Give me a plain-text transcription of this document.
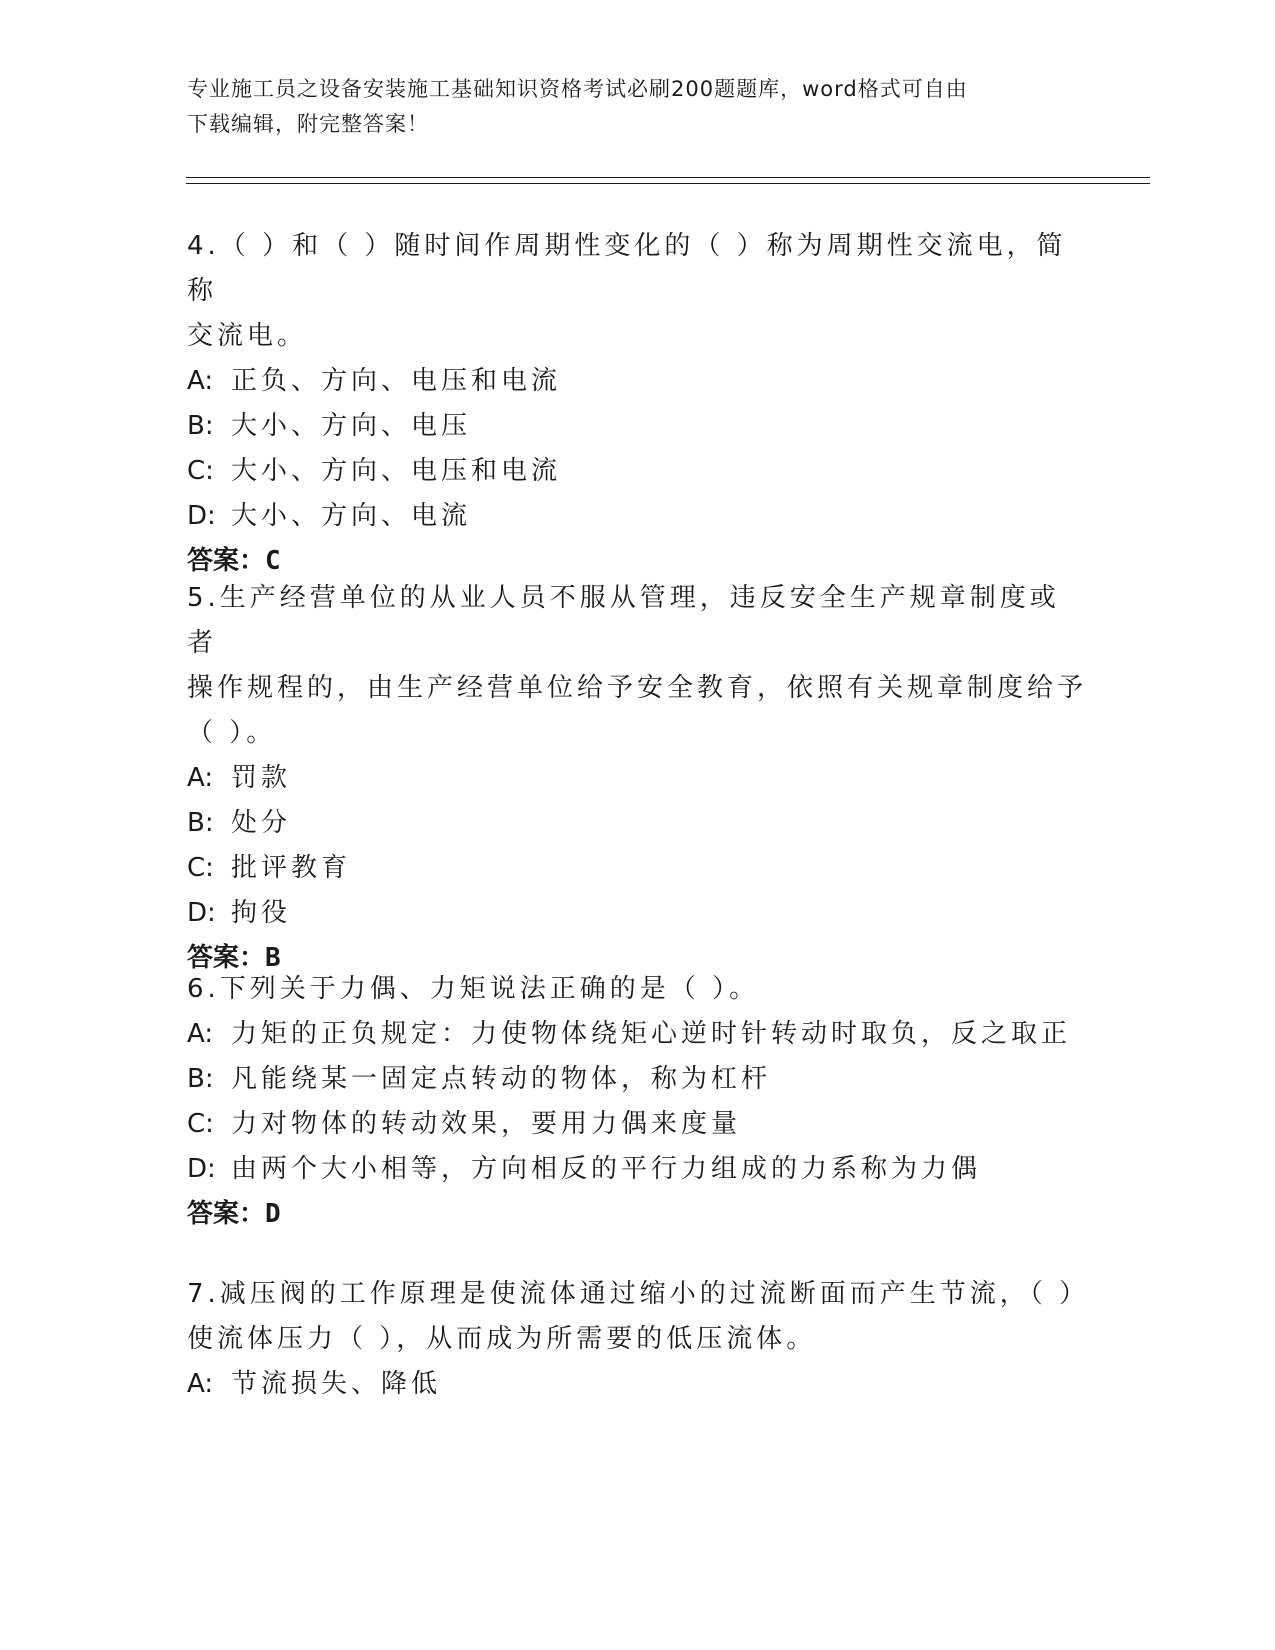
专业施工员之设备安装施工基础知识资格考试必刷200题题库，word格式可自由
下载编辑，附完整答案！
4.（ ）和（ ）随时间作周期性变化的（ ）称为周期性交流电，简称
交流电。
A: 正负、方向、电压和电流
B: 大小、方向、电压
C: 大小、方向、电压和电流
D: 大小、方向、电流
答案：C
5.生产经营单位的从业人员不服从管理，违反安全生产规章制度或者
操作规程的，由生产经营单位给予安全教育，依照有关规章制度给予
（ ）。
A: 罚款
B: 处分
C: 批评教育
D: 拘役
答案：B
6.下列关于力偶、力矩说法正确的是（ ）。
A: 力矩的正负规定：力使物体绕矩心逆时针转动时取负，反之取正
B: 凡能绕某一固定点转动的物体，称为杠杆
C: 力对物体的转动效果，要用力偶来度量
D: 由两个大小相等，方向相反的平行力组成的力系称为力偶
答案：D
7.减压阀的工作原理是使流体通过缩小的过流断面而产生节流，（ ）
使流体压力（ ），从而成为所需要的低压流体。
A: 节流损失、降低
